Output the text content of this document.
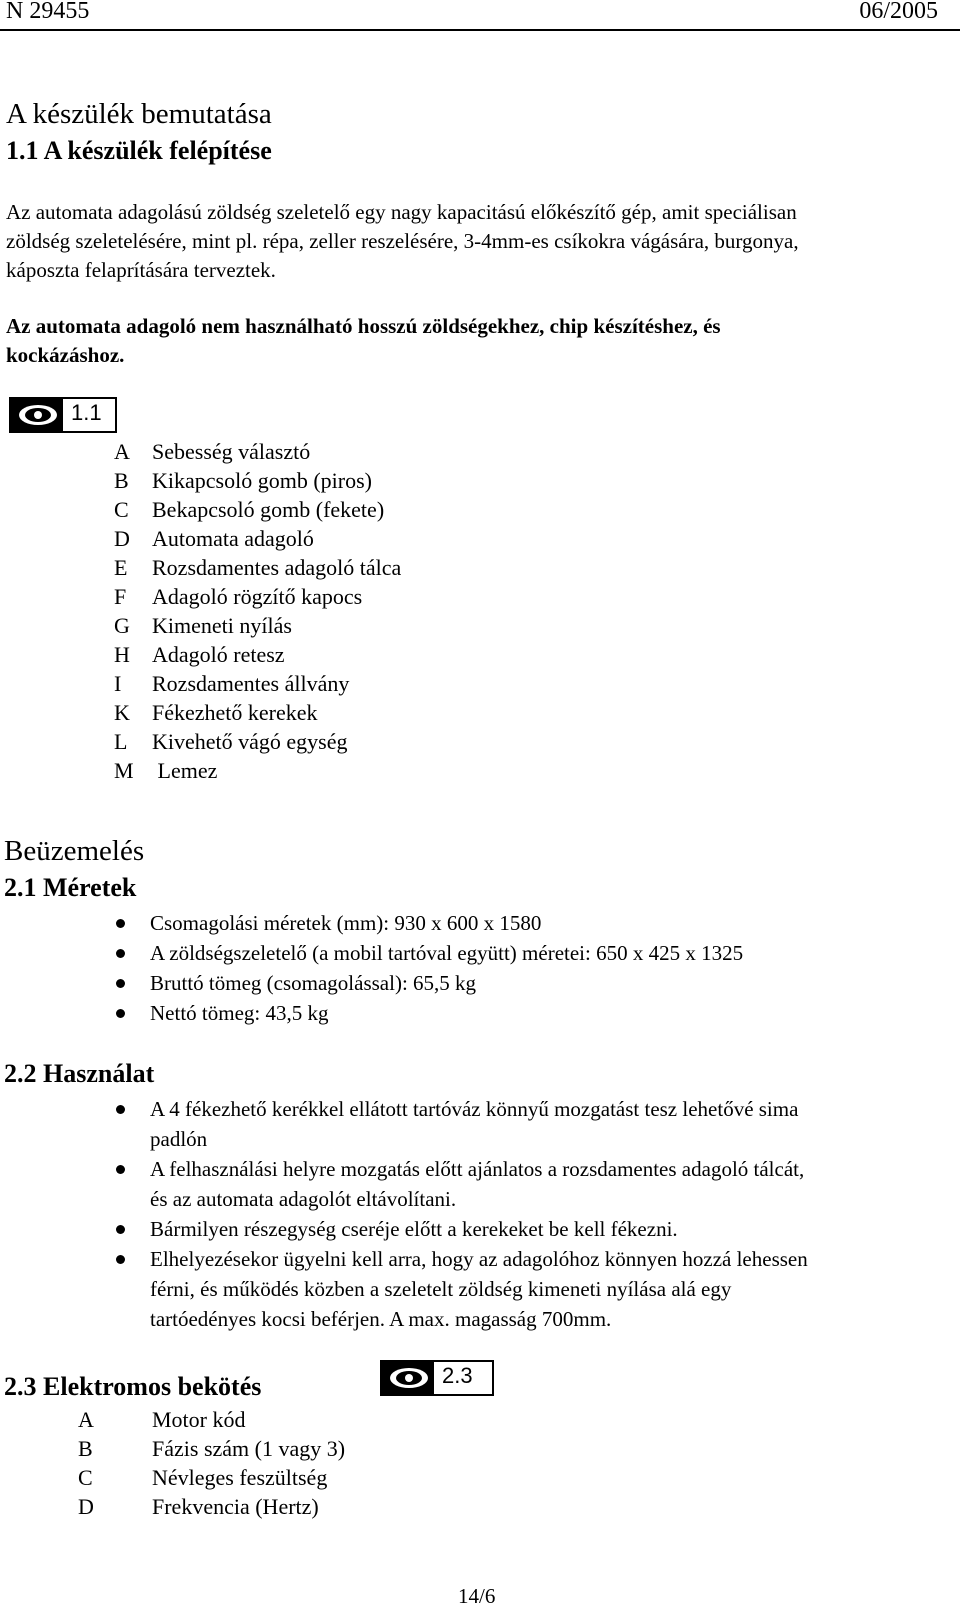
N 29455	06/2005
A készülék bemutatása
1.1 A készülék felépítése
Az automata adagolású zöldség szeletelő egy nagy kapacitású előkészítő gép, amit speciálisan
zöldség szeletelésére, mint pl. répa, zeller reszelésére, 3-4mm-es csíkokra vágására, burgonya,
káposzta felaprítására terveztek.
Az automata adagoló nem használható hosszú zöldségekhez, chip készítéshez, és
kockázáshoz.
1.1
A Sebesség választó
B Kikapcsoló gomb (piros)
C Bekapcsoló gomb (fekete)
D Automata adagoló
E Rozsdamentes adagoló tálca
F Adagoló rögzítő kapocs
G Kimeneti nyílás
H Adagoló retesz
I Rozsdamentes állvány
K Fékezhető kerekek
L Kivehető vágó egység
M Lemez
Beüzemelés
2.1 Méretek
Csomagolási méretek (mm): 930 x 600 x 1580
A zöldségszeletelő (a mobil tartóval együtt) méretei: 650 x 425 x 1325
Bruttó tömeg (csomagolással): 65,5 kg
Nettó tömeg: 43,5 kg
2.2 Használat
A 4 fékezhető kerékkel ellátott tartóváz könnyű mozgatást tesz lehetővé sima
padlón
A felhasználási helyre mozgatás előtt ajánlatos a rozsdamentes adagoló tálcát,
és az automata adagolót eltávolítani.
Bármilyen részegység cseréje előtt a kerekeket be kell fékezni.
Elhelyezésekor ügyelni kell arra, hogy az adagolóhoz könnyen hozzá lehessen
férni, és működés közben a szeletelt zöldség kimeneti nyílása alá egy
tartóedényes kocsi beférjen. A max. magasság 700mm.
2.3 Elektromos bekötés	2.3
A	Motor kód
B	Fázis szám (1 vagy 3)
C	Névleges feszültség
D	Frekvencia (Hertz)
14/6
